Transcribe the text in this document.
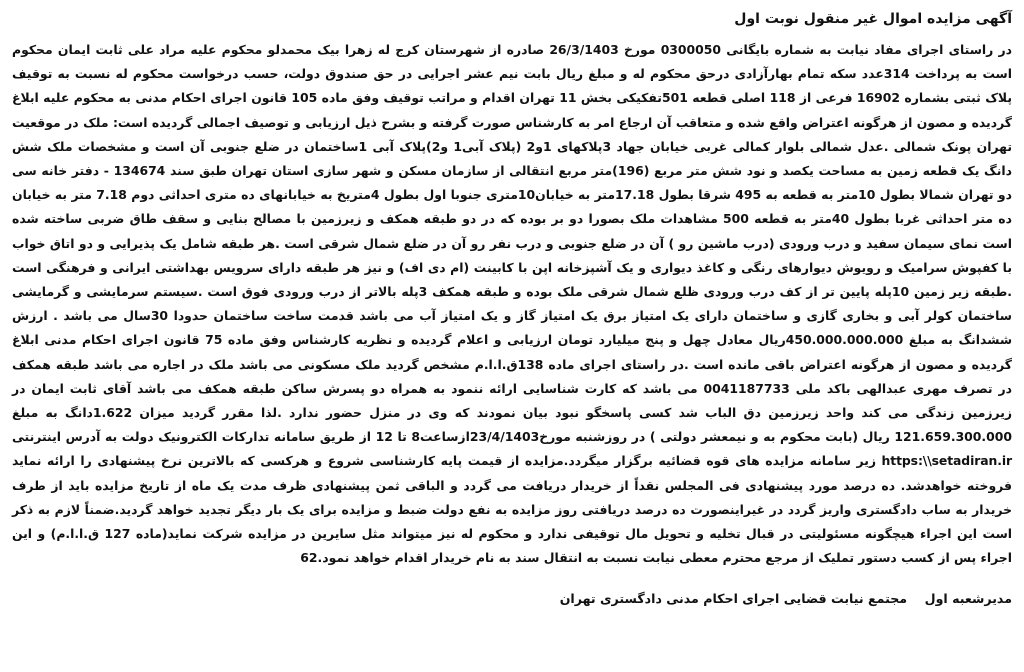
آگهی مزایده اموال غیر منقول نوبت اول

در راستای اجرای مفاد نیابت به شماره بایگانی 0300050 مورخ 26/3/1403 صادره از شهرستان کرج له زهرا بیک محمدلو محکوم علیه مراد علی ثابت ایمان محکوم است به پرداخت 314عدد سکه تمام بهارآزادی درحق محکوم له و مبلغ ریال بابت نیم عشر اجرایی در حق صندوق دولت، حسب درخواست محکوم له نسبت به توقیف پلاک ثبتی بشماره 16902 فرعی از 118 اصلی قطعه 501تفکیکی بخش 11 تهران اقدام و مراتب توقیف وفق ماده 105 قانون اجرای احکام مدنی به محکوم علیه ابلاغ گردیده و مصون از هرگونه اعتراض واقع شده و متعاقب آن ارجاع امر به کارشناس صورت گرفته و بشرح ذیل ارزیابی و توصیف اجمالی گردیده است: ملک در موقعیت تهران پونک شمالی .عدل شمالی بلوار کمالی غربی خیابان جهاد 3پلاکهای 1و2 (پلاک آبی1 و2)پلاک آبی 1ساختمان در ضلع جنوبی آن است و مشخصات ملک شش دانگ یک قطعه زمین به مساحت یکصد و نود شش متر مربع (196)متر مربع انتقالی از سازمان مسکن و شهر سازی استان تهران طبق سند 134674 - دفتر خانه سی دو تهران شمالا بطول 10متر به قطعه به 495 شرقا بطول 17.18متر به خیابان10متری جنوبا اول بطول 4متریخ به خیابانهای ده متری احداثی دوم 7.18 متر به خیابان ده متر احداثی غربا بطول 40متر به قطعه 500 مشاهدات ملک بصورا دو بر بوده که در دو طبقه همکف و زیرزمین با مصالح بنایی و سقف طاق ضربی ساخته شده است نمای سیمان سفید و درب ورودی (درب ماشین رو ) آن در ضلع جنوبی و درب نفر رو آن در ضلع شمال شرقی است .هر طبقه شامل یک پذیرایی و دو اتاق خواب با کفپوش سرامیک و رویوش دیوارهای رنگی و کاغذ دیواری و یک آشپزخانه اپن با کابینت (ام دی اف) و نیز هر طبقه دارای سرویس بهداشتی ایرانی و فرهنگی است .طبقه زیر زمین 10پله پایین تر از کف درب ورودی ظلع شمال شرقی ملک بوده و طبقه همکف 3پله بالاتر از درب ورودی فوق است .سیستم سرمایشی و گرمایشی ساختمان کولر آبی و بخاری گازی و ساختمان دارای یک امتیاز برق یک امتیاز گاز و یک امتیاز آب می باشد قدمت ساخت ساختمان حدودا 30سال می باشد . ارزش ششدانگ به مبلغ 450.000.000.000ریال معادل چهل و پنج میلیارد تومان ارزیابی و اعلام گردیده و نظریه کارشناس وفق ماده 75 قانون اجرای احکام مدنی ابلاغ گردیده و مصون از هرگونه اعتراض باقی مانده است .در راستای اجرای ماده 138ق.ا.ا.م مشخص گردید ملک مسکونی می باشد ملک در اجاره می باشد طبقه همکف در تصرف مهری عبدالهی باکد ملی 0041187733 می باشد که کارت شناسایی ارائه ننمود به همراه دو پسرش ساکن طبقه همکف می باشد آقای ثابت ایمان در زیرزمین زندگی می کند واحد زیرزمین دق الباب شد کسی پاسخگو نبود بیان نمودند که وی در منزل حضور ندارد .لذا مقرر گردید میزان 1.622دانگ به مبلغ 121.659.300.000 ریال (بابت محکوم به و نیمعشر دولتی ) در روزشنبه مورخ23/4/1403ازساعت8 تا 12 از طریق سامانه تدارکات الکترونیک دولت به آدرس اینترنتی https:\\setadiran.ir زیر سامانه مزایده های قوه قضائیه برگزار میگردد.مزایده از قیمت پایه کارشناسی شروع و هرکسی که بالاترین نرخ پیشنهادی را ارائه نماید فروخته خواهدشد. ده درصد مورد پیشنهادی فی المجلس نقداً از خریدار دریافت می گردد و الباقی ثمن پیشنهادی ظرف مدت یک ماه از تاریخ مزایده باید از طرف خریدار به ساب دادگستری واریز گردد در غیراینصورت ده درصد دریافتی روز مزایده به نفع دولت ضبط و مزایده برای یک بار دیگر تجدید خواهد گردید.ضمناً لازم به ذکر است این اجراء هیچگونه مسئولیتی در قبال تخلیه و تحویل مال توقیفی ندارد و محکوم له نیز میتواند مثل سایرین در مزایده شرکت نماید(ماده 127 ق.ا.ا.م) و این اجراء پس از کسب دستور تملیک از مرجع محترم معطی نیابت نسبت به انتقال سند به نام خریدار اقدام خواهد نمود.62

مدیرشعبه اول    مجتمع نیابت قضایی اجرای احکام مدنی دادگستری تهران
